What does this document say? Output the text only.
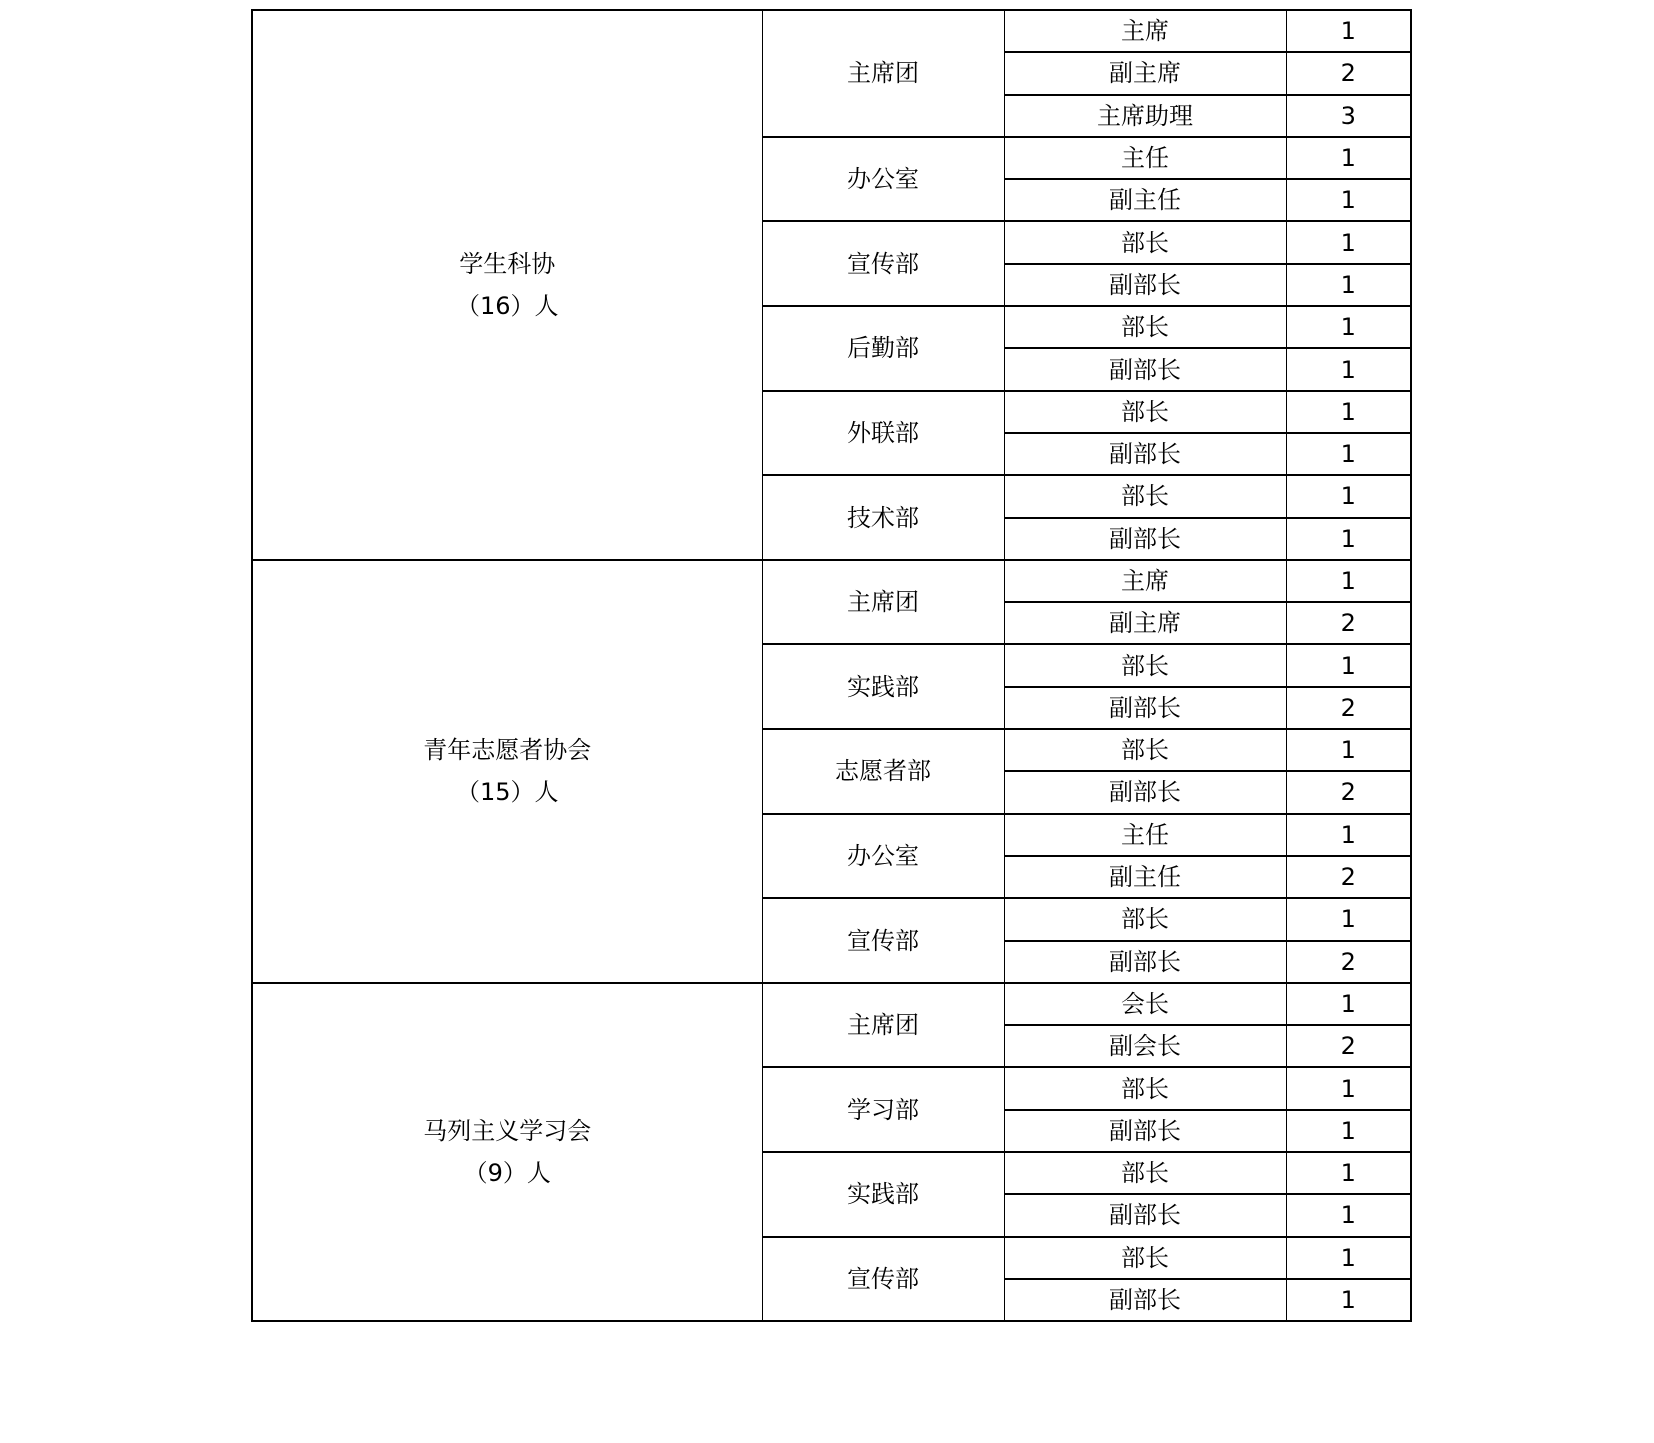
学生科协
（16）人	主席团	主席	1
		副主席	2
		主席助理	3
	办公室	主任	1
		副主任	1
	宣传部	部长	1
		副部长	1
	后勤部	部长	1
		副部长	1
	外联部	部长	1
		副部长	1
	技术部	部长	1
		副部长	1

青年志愿者协会
（15）人	主席团	主席	1
		副主席	2
	实践部	部长	1
		副部长	2
	志愿者部	部长	1
		副部长	2
	办公室	主任	1
		副主任	2
	宣传部	部长	1
		副部长	2

马列主义学习会
（9）人	主席团	会长	1
		副会长	2
	学习部	部长	1
		副部长	1
	实践部	部长	1
		副部长	1
	宣传部	部长	1
		副部长	1
